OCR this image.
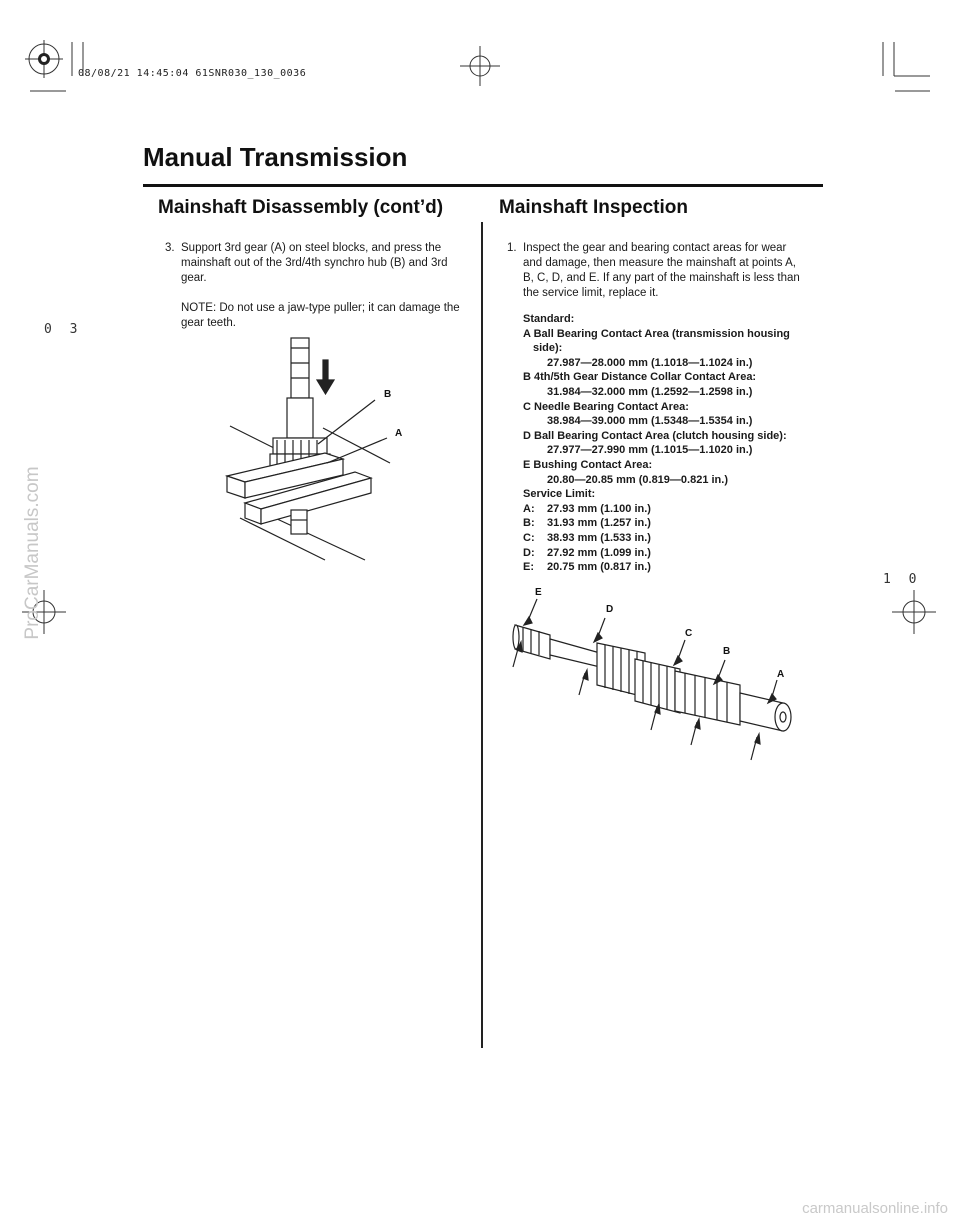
08/08/21 14:45:04 61SNR030_130_0036
0 3
1 0
ProCarManuals.com
carmanualsonline.info
Manual Transmission
Mainshaft Disassembly (cont’d)	Mainshaft Inspection
3. Support 3rd gear (A) on steel blocks, and press the mainshaft out of the 3rd/4th synchro hub (B) and 3rd gear.
NOTE: Do not use a jaw-type puller; it can damage the gear teeth.
B
A
1. Inspect the gear and bearing contact areas for wear and damage, then measure the mainshaft at points A, B, C, D, and E. If any part of the mainshaft is less than the service limit, replace it.
Standard:
A Ball Bearing Contact Area (transmission housing
side):
27.987—28.000 mm (1.1018—1.1024 in.)
B 4th/5th Gear Distance Collar Contact Area:
31.984—32.000 mm (1.2592—1.2598 in.)
C Needle Bearing Contact Area:
38.984—39.000 mm (1.5348—1.5354 in.)
D Ball Bearing Contact Area (clutch housing side):
27.977—27.990 mm (1.1015—1.1020 in.)
E Bushing Contact Area:
20.80—20.85 mm (0.819—0.821 in.)
Service Limit:
A: 27.93 mm (1.100 in.)
B: 31.93 mm (1.257 in.)
C: 38.93 mm (1.533 in.)
D: 27.92 mm (1.099 in.)
E: 20.75 mm (0.817 in.)
E
D
C
B
A
